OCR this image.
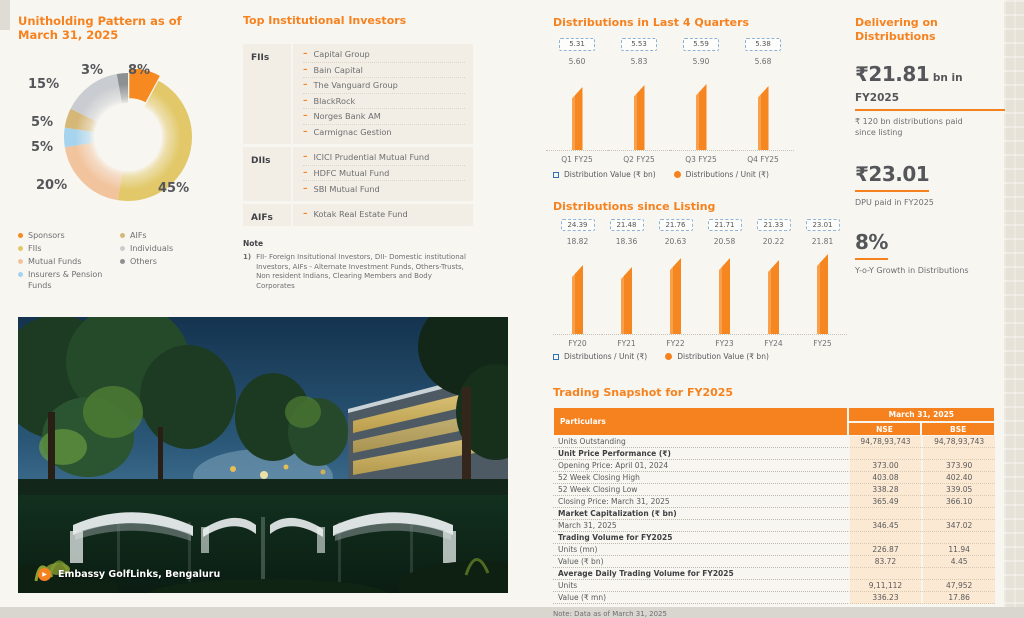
Unitholding Pattern as of
March 31, 2025
8%
45%
20%
5%
5%
15%
3%
Sponsors
FIIs
Mutual Funds
Insurers & Pension Funds
AIFs
Individuals
Others
Top Institutional Investors
FIIs	– Capital Group
– Bain Capital
– The Vanguard Group
– BlackRock
– Norges Bank AM
– Carmignac Gestion
DIIs	– ICICI Prudential Mutual Fund
– HDFC Mutual Fund
– SBI Mutual Fund
AIFs	– Kotak Real Estate Fund
Note
1) FII- Foreign Insitutional Investors, DII- Domestic institutional Investors, AIFs - Alternate Investment Funds, Others-Trusts, Non resident Indians, Clearing Members and Body Corporates
▶
Embassy GolfLinks, Bengaluru
Distributions in Last 4 Quarters
5.31
5.60
Q1 FY25
5.53
5.83
Q2 FY25
5.59
5.90
Q3 FY25
5.38
5.68
Q4 FY25
Distribution Value (₹ bn)	Distributions / Unit (₹)
Distributions since Listing
24.39
18.82
FY20
21.48
18.36
FY21
21.76
20.63
FY22
21.71
20.58
FY23
21.33
20.22
FY24
23.01
21.81
FY25
Distributions / Unit (₹)	Distribution Value (₹ bn)
Delivering on Distributions
₹21.81 bn in FY2025
₹ 120 bn distributions paid since listing
₹23.01
DPU paid in FY2025
8%
Y-o-Y Growth in Distributions
Trading Snapshot for FY2025
Particulars	March 31, 2025	
	NSE	BSE
Units Outstanding	94,78,93,743	94,78,93,743
Unit Price Performance (₹)		
Opening Price: April 01, 2024	373.00	373.90
52 Week Closing High	403.08	402.40
52 Week Closing Low	338.28	339.05
Closing Price: March 31, 2025	365.49	366.10
Market Capitalization (₹ bn)		
March 31, 2025	346.45	347.02
Trading Volume for FY2025		
Units (mn)	226.87	11.94
Value (₹ bn)	83.72	4.45
Average Daily Trading Volume for FY2025		
Units	9,11,112	47,952
Value (₹ mn)	336.23	17.86
Note: Data as of March 31, 2025
